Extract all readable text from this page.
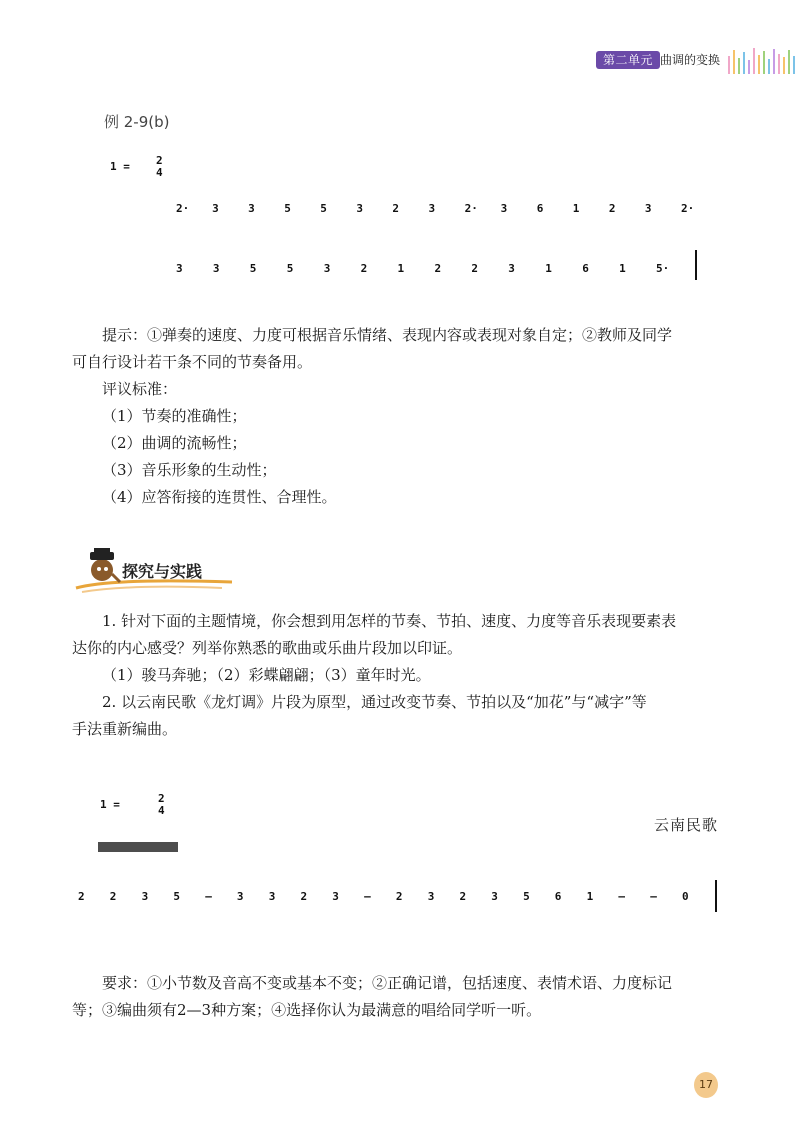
第二单元 曲调的变换
例 2-9(b)
1 = 2
4
2· 3	3	5	5	3	2	3	2· 3	6	1	2	3	2·
3	3	5	5	3	2	1	2	2	3	1	6	1	5·
提示：①弹奏的速度、力度可根据音乐情绪、表现内容或表现对象自定；②教师及同学
可自行设计若干条不同的节奏备用。
评议标准：
（1）节奏的准确性；
（2）曲调的流畅性；
（3）音乐形象的生动性；
（4）应答衔接的连贯性、合理性。
探究与实践
1. 针对下面的主题情境，你会想到用怎样的节奏、节拍、速度、力度等音乐表现要素表
达你的内心感受？列举你熟悉的歌曲或乐曲片段加以印证。
（1）骏马奔驰；（2）彩蝶翩翩；（3）童年时光。
2. 以云南民歌《龙灯调》片段为原型，通过改变节奏、节拍以及“加花”与“减字”等
手法重新编曲。
云南民歌
1 =	2
4
2 2 3 5 – 3 3 2 3 – 2 3 2 3 5 6 1 – – 0
要求：①小节数及音高不变或基本不变；②正确记谱，包括速度、表情术语、力度标记
等；③编曲须有2—3种方案；④选择你认为最满意的唱给同学听一听。
17
